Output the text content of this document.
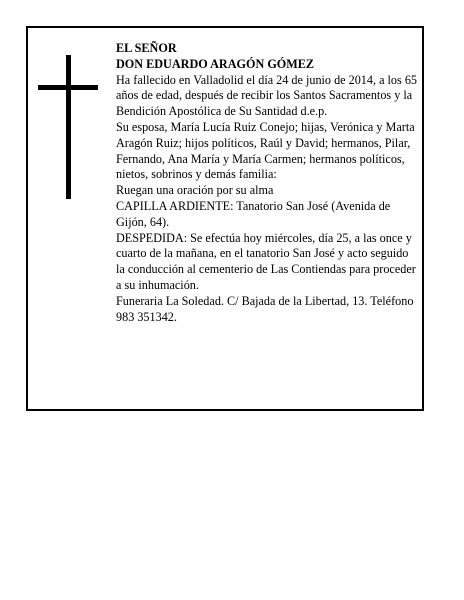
EL SEÑOR

DON EDUARDO ARAGÓN GÓMEZ

Ha fallecido en Valladolid el día 24 de junio de 2014, a los 65 años de edad, después de recibir los Santos Sacramentos y la Bendición Apostólica de Su Santidad d.e.p.

Su esposa, María Lucía Ruiz Conejo; hijas, Verónica y Marta Aragón Ruiz; hijos políticos, Raúl y David; hermanos, Pilar, Fernando, Ana María y María Carmen; hermanos políticos, nietos, sobrinos y demás familia:

Ruegan una oración por su alma

CAPILLA ARDIENTE: Tanatorio San José (Avenida de Gijón, 64).

DESPEDIDA: Se efectúa hoy miércoles, día 25, a las once y cuarto de la mañana, en el tanatorio San José y acto seguido la conducción al cementerio de Las Contiendas para proceder a su inhumación.

Funeraria La Soledad. C/ Bajada de la Libertad, 13. Teléfono 983 351342.
